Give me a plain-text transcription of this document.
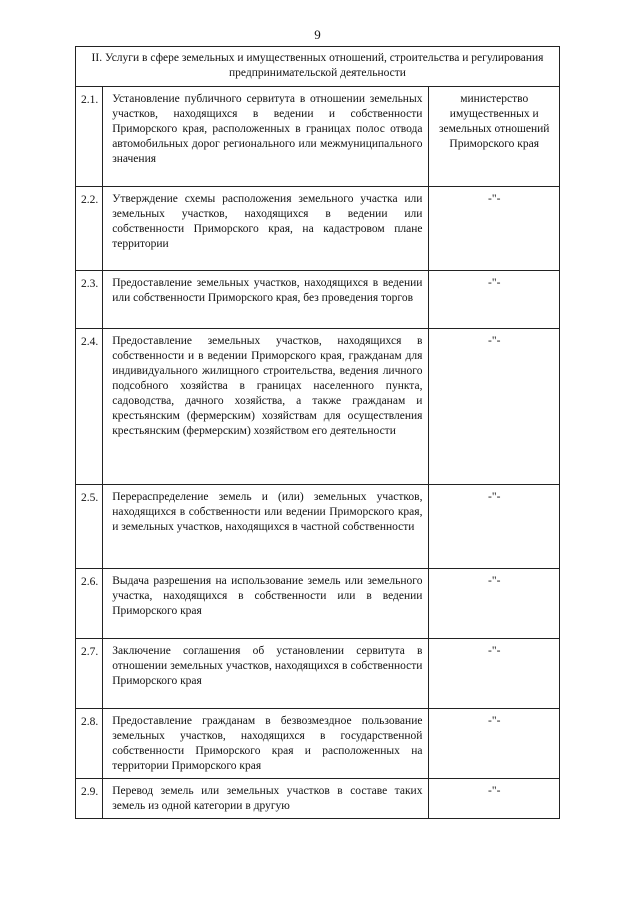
9
II. Услуги в сфере земельных и имущественных отношений, строительства и регулирования предпринимательской деятельности		
2.1.	Установление публичного сервитута в отношении земельных участков, находящихся в ведении и собственности Приморского края, расположенных в границах полос отвода автомобильных дорог регионального или межмуниципального значения	министерство имущественных и земельных отношений Приморского края
2.2.	Утверждение схемы расположения земельного участка или земельных участков, находящихся в ведении или собственности Приморского края, на кадастровом плане территории	-"-
2.3.	Предоставление земельных участков, находящихся в ведении или собственности Приморского края, без проведения торгов	-"-
2.4.	Предоставление земельных участков, находящихся в собственности и в ведении Приморского края, гражданам для индивидуального жилищного строительства, ведения личного подсобного хозяйства в границах населенного пункта, садоводства, дачного хозяйства, а также гражданам и крестьянским (фермерским) хозяйствам для осуществления крестьянским (фермерским) хозяйством его деятельности	-"-
2.5.	Перераспределение земель и (или) земельных участков, находящихся в собственности или ведении Приморского края, и земельных участков, находящихся в частной собственности	-"-
2.6.	Выдача разрешения на использование земель или земельного участка, находящихся в собственности или в ведении Приморского края	-"-
2.7.	Заключение соглашения об установлении сервитута в отношении земельных участков, находящихся в собственности Приморского края	-"-
2.8.	Предоставление гражданам в безвозмездное пользование земельных участков, находящихся в государственной собственности Приморского края и расположенных на территории Приморского края	-"-
2.9.	Перевод земель или земельных участков в составе таких земель из одной категории в другую	-"-
